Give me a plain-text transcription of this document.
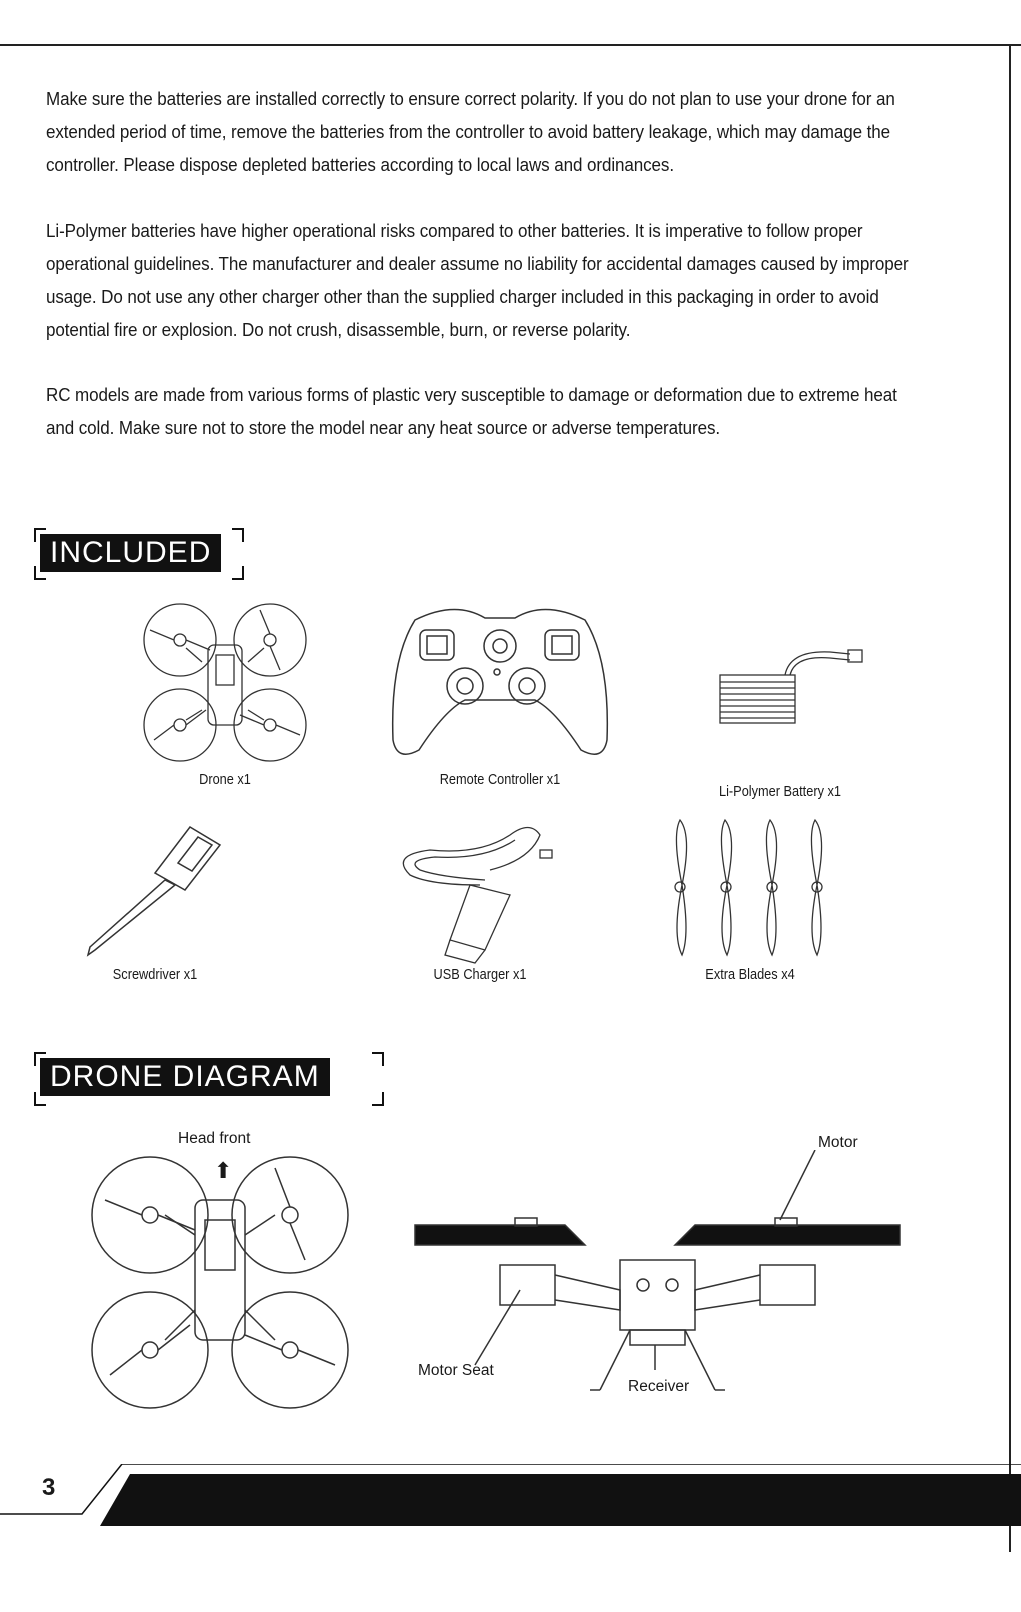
Make sure the batteries are installed correctly to ensure correct polarity. If you do not plan to use your drone for an extended period of time, remove the batteries from the controller to avoid battery leakage, which may damage the controller. Please dispose depleted batteries according to local laws and ordinances.

Li-Polymer batteries have higher operational risks compared to other batteries. It is imperative to follow proper operational guidelines. The manufacturer and dealer assume no liability for accidental damages caused by improper usage. Do not use any other charger other than the supplied charger included in this packaging in order to avoid potential fire or explosion. Do not crush, disassemble, burn, or reverse polarity.

RC models are made from various forms of plastic very susceptible to damage or deformation due to extreme heat and cold. Make sure not to store the model near any heat source or adverse temperatures.

INCLUDED
Drone x1	Remote Controller x1
Li-Polymer Battery x1
Screwdriver x1	USB Charger x1	Extra Blades x4
DRONE DIAGRAM
Head front
⬆
Motor
Motor Seat
Receiver
3
